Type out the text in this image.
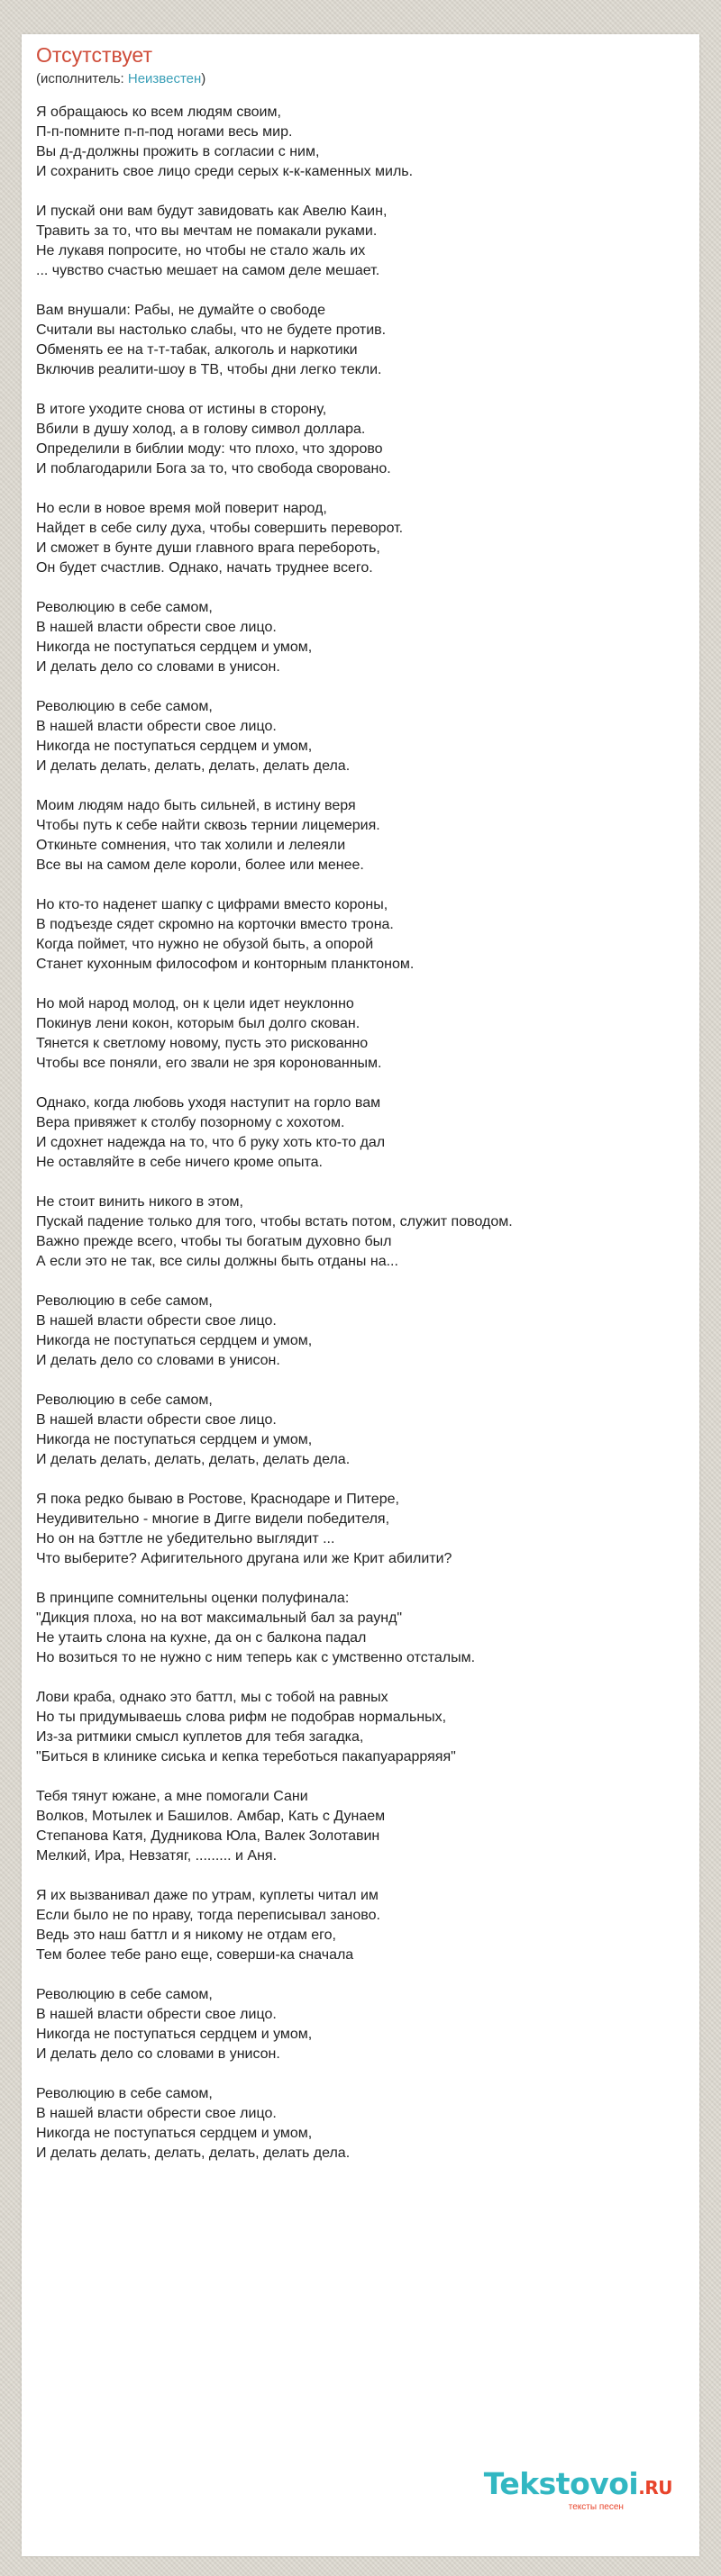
Отсутствует
(исполнитель: Неизвестен)
Я обращаюсь ко всем людям своим,
П-п-помните п-п-под ногами весь мир.
Вы д-д-должны прожить в согласии с ним,
И сохранить свое лицо среди серых к-к-каменных миль.
И пускай они вам будут завидовать как Авелю Каин,
Травить за то, что вы мечтам не помакали руками.
Не лукавя попросите, но чтобы не стало жаль их
... чувство счастью мешает на самом деле мешает.
Вам внушали: Рабы, не думайте о свободе
Считали вы настолько слабы, что не будете против.
Обменять ее на т-т-табак, алкоголь и наркотики
Включив реалити-шоу в ТВ, чтобы дни легко текли.
В итоге уходите снова от истины в сторону,
Вбили в душу холод, а в голову символ доллара.
Определили в библии моду: что плохо, что здорово
И поблагодарили Бога за то, что свобода своровано.
Но если в новое время мой поверит народ,
Найдет в себе силу духа, чтобы совершить переворот.
И сможет в бунте души главного врага перебороть,
Он будет счастлив. Однако, начать труднее всего.
Революцию в себе самом,
В нашей власти обрести свое лицо.
Никогда не поступаться сердцем и умом,
И делать дело со словами в унисон.
Революцию в себе самом,
В нашей власти обрести свое лицо.
Никогда не поступаться сердцем и умом,
И делать делать, делать, делать, делать дела.
Моим людям надо быть сильней, в истину веря
Чтобы путь к себе найти сквозь тернии лицемерия.
Откиньте сомнения, что так холили и лелеяли
Все вы на самом деле короли, более или менее.
Но кто-то наденет шапку с цифрами вместо короны,
В подъезде сядет скромно на корточки вместо трона.
Когда поймет, что нужно не обузой быть, а опорой
Станет кухонным философом и конторным планктоном.
Но мой народ молод, он к цели идет неуклонно
Покинув лени кокон, которым был долго скован.
Тянется к светлому новому, пусть это рискованно
Чтобы все поняли, его звали не зря коронованным.
Однако, когда любовь уходя наступит на горло вам
Вера привяжет к столбу позорному с хохотом.
И сдохнет надежда на то, что б руку хоть кто-то дал
Не оставляйте в себе ничего кроме опыта.
Не стоит винить никого в этом,
Пускай падение только для того, чтобы встать потом, служит поводом.
Важно прежде всего, чтобы ты богатым духовно был
А если это не так, все силы должны быть отданы на...
Революцию в себе самом,
В нашей власти обрести свое лицо.
Никогда не поступаться сердцем и умом,
И делать дело со словами в унисон.
Революцию в себе самом,
В нашей власти обрести свое лицо.
Никогда не поступаться сердцем и умом,
И делать делать, делать, делать, делать дела.
Я пока редко бываю в Ростове, Краснодаре и Питере,
Неудивительно - многие в Дигге видели победителя,
Но он на бэттле не убедительно выглядит ...
Что выберите? Афигительного другана или же Крит абилити?
В принципе сомнительны оценки полуфинала:
"Дикция плоха, но на вот максимальный бал за раунд"
Не утаить слона на кухне, да он с балкона падал
Но возиться то не нужно с ним теперь как с умственно отсталым.
Лови краба, однако это баттл, мы с тобой на равных
Но ты придумываешь слова рифм не подобрав нормальных,
Из-за ритмики смысл куплетов для тебя загадка,
"Биться в клинике сиська и кепка тереботься пакапуарарряяя"
Тебя тянут южане, а мне помогали Сани
Волков, Мотылек и Башилов. Амбар, Кать с Дунаем
Степанова Катя, Дудникова Юла, Валек Золотавин
Мелкий, Ира, Невзатяг, ......... и Аня.
Я их вызванивал даже по утрам, куплеты читал им
Если было не по нраву, тогда переписывал заново.
Ведь это наш баттл и я никому не отдам его,
Тем более тебе рано еще, соверши-ка сначала
Революцию в себе самом,
В нашей власти обрести свое лицо.
Никогда не поступаться сердцем и умом,
И делать дело со словами в унисон.
Революцию в себе самом,
В нашей власти обрести свое лицо.
Никогда не поступаться сердцем и умом,
И делать делать, делать, делать, делать дела.
Tekstovoi.RU
тексты песен
